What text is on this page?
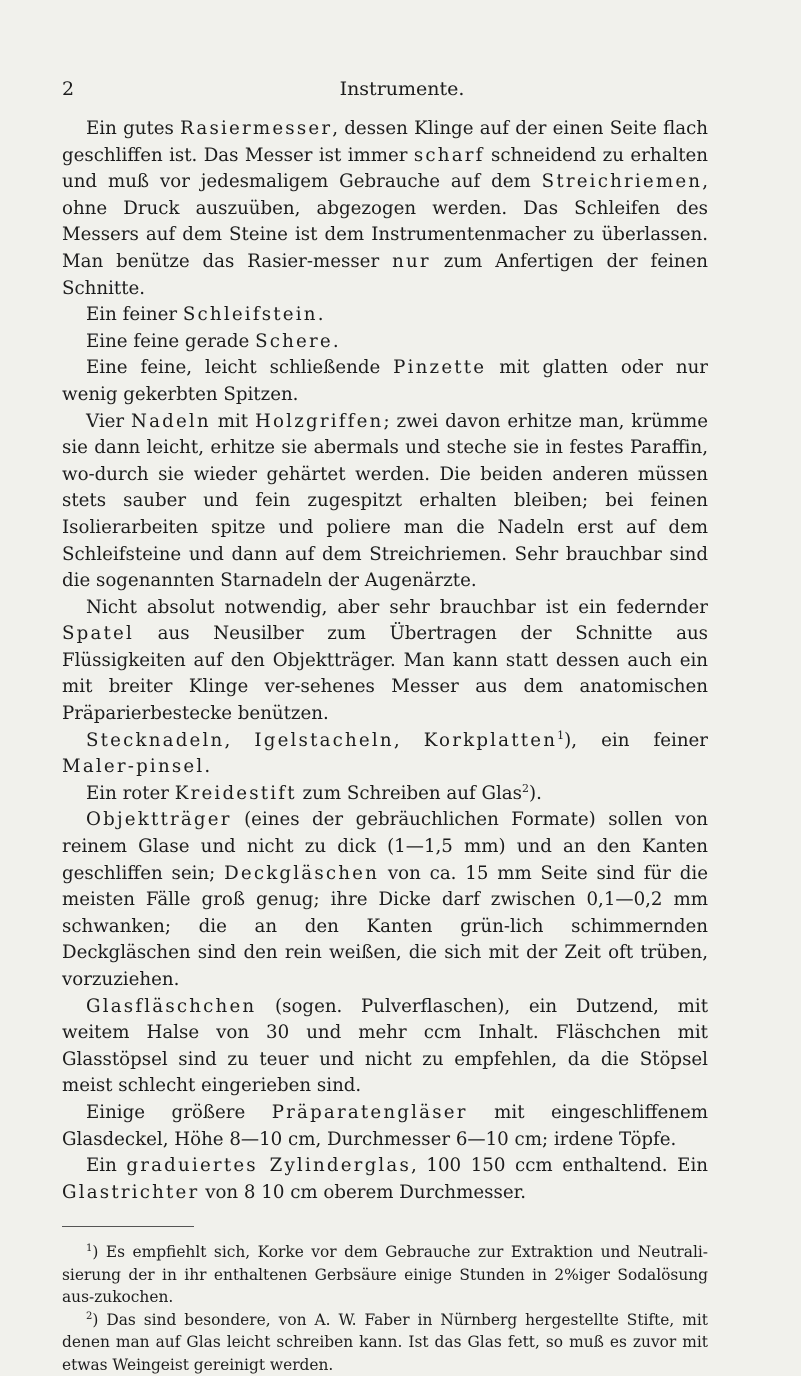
2	Instrumente.

Ein gutes Rasiermesser, dessen Klinge auf der einen Seite flach geschliffen ist. Das Messer ist immer scharf schneidend zu erhalten und muß vor jedesmaligem Gebrauche auf dem Streichriemen, ohne Druck auszuüben, abgezogen werden. Das Schleifen des Messers auf dem Steine ist dem Instrumentenmacher zu überlassen. Man benütze das Rasier-messer nur zum Anfertigen der feinen Schnitte.

Ein feiner Schleifstein.

Eine feine gerade Schere.

Eine feine, leicht schließende Pinzette mit glatten oder nur wenig gekerbten Spitzen.

Vier Nadeln mit Holzgriffen; zwei davon erhitze man, krümme sie dann leicht, erhitze sie abermals und steche sie in festes Paraffin, wo-durch sie wieder gehärtet werden. Die beiden anderen müssen stets sauber und fein zugespitzt erhalten bleiben; bei feinen Isolierarbeiten spitze und poliere man die Nadeln erst auf dem Schleifsteine und dann auf dem Streichriemen. Sehr brauchbar sind die sogenannten Starnadeln der Augenärzte.

Nicht absolut notwendig, aber sehr brauchbar ist ein federnder Spatel aus Neusilber zum Übertragen der Schnitte aus Flüssigkeiten auf den Objektträger. Man kann statt dessen auch ein mit breiter Klinge ver-sehenes Messer aus dem anatomischen Präparierbestecke benützen.

Stecknadeln, Igelstacheln, Korkplatten$^1$), ein feiner Maler-pinsel.

Ein roter Kreidestift zum Schreiben auf Glas$^2$).

Objektträger (eines der gebräuchlichen Formate) sollen von reinem Glase und nicht zu dick (1—1,5 mm) und an den Kanten geschliffen sein; Deckgläschen von ca. 15 mm Seite sind für die meisten Fälle groß genug; ihre Dicke darf zwischen 0,1—0,2 mm schwanken; die an den Kanten grün-lich schimmernden Deckgläschen sind den rein weißen, die sich mit der Zeit oft trüben, vorzuziehen.

Glasfläschchen (sogen. Pulverflaschen), ein Dutzend, mit weitem Halse von 30 und mehr ccm Inhalt. Fläschchen mit Glasstöpsel sind zu teuer und nicht zu empfehlen, da die Stöpsel meist schlecht eingerieben sind.

Einige größere Präparatengläser mit eingeschliffenem Glasdeckel, Höhe 8—10 cm, Durchmesser 6—10 cm; irdene Töpfe.

Ein graduiertes Zylinderglas, 100 150 ccm enthaltend. Ein Glastrichter von 8 10 cm oberem Durchmesser.

$^1$) Es empfiehlt sich, Korke vor dem Gebrauche zur Extraktion und Neutrali-sierung der in ihr enthaltenen Gerbsäure einige Stunden in 2%iger Sodalösung aus-zukochen.

$^2$) Das sind besondere, von A. W. Faber in Nürnberg hergestellte Stifte, mit denen man auf Glas leicht schreiben kann. Ist das Glas fett, so muß es zuvor mit etwas Weingeist gereinigt werden.
